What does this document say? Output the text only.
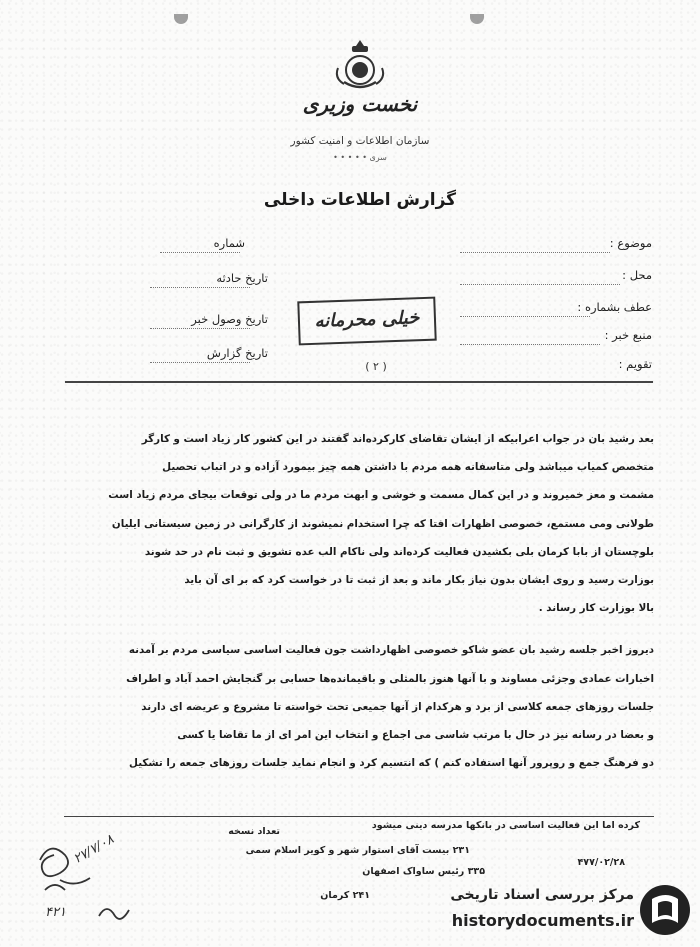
نخست وزیری
سازمان اطلاعات و امنیت کشور
سری • • • • •
گزارش اطلاعات داخلی
موضوع :
محل :
عطف بشماره :
منبع خبر :
تقویم :
شماره
تاریخ حادثه
تاریخ وصول خبر
تاریخ گزارش
خیلی محرمانه
( ۲ )

بعد رشید بان در جواب اعرابیکه از ایشان تقاضای کارکرده‌اند گفتند در این کشور کار زیاد است و کارگر

متخصص کمیاب میباشد ولی متاسفانه همه مردم با داشتن همه چیز بیمورد آزاده و در اتباب تحصیل

مشمت و معز خمیروند و در این کمال مسمت و خوشی و ابهت مردم ما در ولی توقعات بیجای مردم زیاد است

طولانی ومی مستمع، خصوصی اظهارات افتا که چرا استخدام نمیشوند از کارگرانی در زمین سیستانی ایلیان

بلوچستان از بابا کرمان بلی بکشیدن فعالیت کرده‌اند ولی ناکام الب عده تشویق و ثبت نام در حد شوند

بوزارت رسید و روی ایشان بدون نیاز بکار ماند و بعد از ثبت تا در خواست کرد که بر ای آن باید

بالا بوزارت کار رساند .

دیروز اخبر جلسه رشید بان عضو شاکو خصوصی اظهارداشت جون فعالیت اساسی سیاسی مردم بر آمدنه

اخبارات عمادی وجزئی مساوند و با آنها هنوز بالمثلی و باقیمانده‌ها حسابی بر گنجایش احمد آباد و اطراف

جلسات روزهای جمعه کلاسی از برد و هرکدام از آنها جمیعی تحت خواسته تا مشروع و عریضه ای دارند

و بعضا در رسانه نیز در حال با مرتب شاسی می اجماع و انتخاب این امر ای از ما تقاضا یا کسی

دو فرهنگ جمع و روپرور آنها استفاده کنم ) که انتسیم کرد و انجام نماید جلسات روزهای جمعه را تشکیل

کرده اما این فعالیت اساسی در بانکها مدرسه دینی میشود
تعداد نسخه
۲۳۱ بیست آقای استوار شهر و کویر اسلام سمی
۴۷۷/۰۲/۲۸
۳۳۵ رئیس ساواک اصفهان
۲۴۱ کرمان
۲۷/۷/۰۸
۴۲۱
مرکز بررسی اسناد تاریخی
historydocuments.ir
